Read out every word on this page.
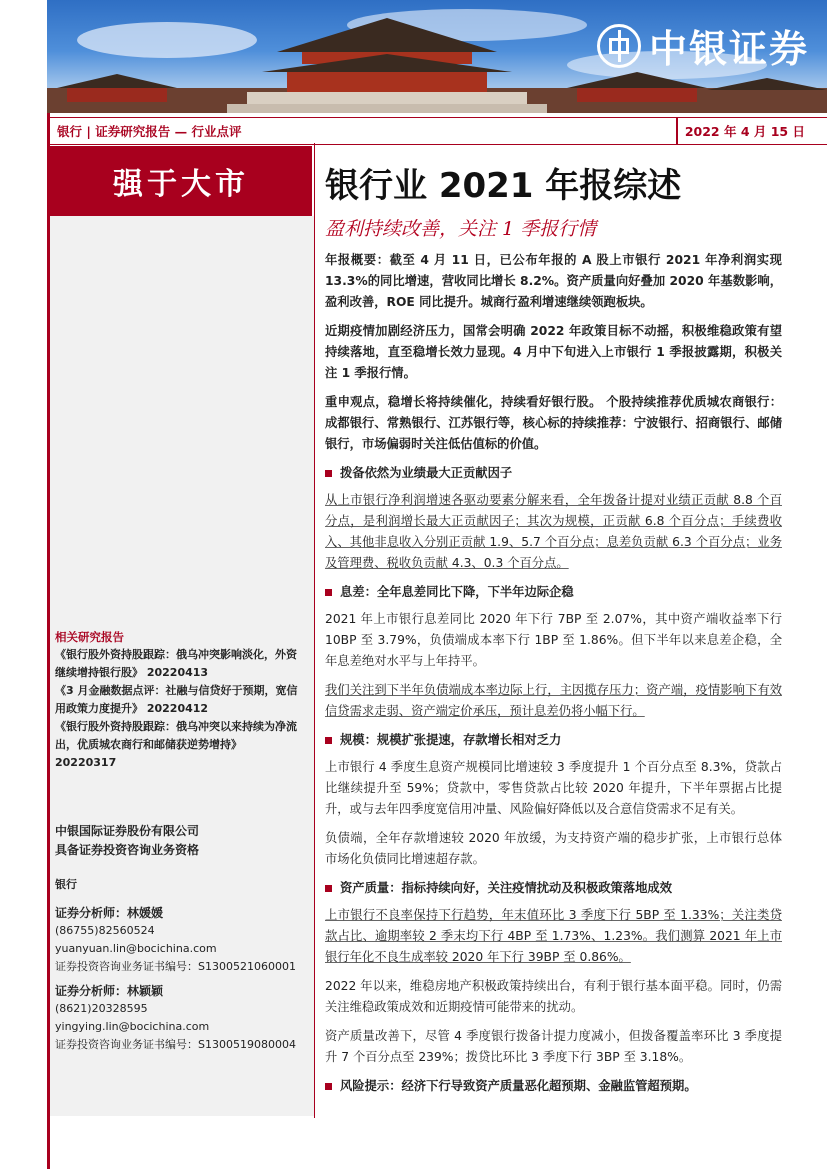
中银证券
银行 | 证券研究报告 — 行业点评	2022 年 4 月 15 日
强于大市 银行业 2021 年报综述
盈利持续改善，关注 1 季报行情

年报概要：截至 4 月 11 日，已公布年报的 A 股上市银行 2021 年净利润实现 13.3%的同比增速，营收同比增长 8.2%。资产质量向好叠加 2020 年基数影响，盈利改善，ROE 同比提升。城商行盈利增速继续领跑板块。

近期疫情加剧经济压力，国常会明确 2022 年政策目标不动摇，积极维稳政策有望持续落地，直至稳增长效力显现。4 月中下旬进入上市银行 1 季报披露期，积极关注 1 季报行情。

重申观点，稳增长将持续催化，持续看好银行股。 个股持续推荐优质城农商银行：成都银行、常熟银行、江苏银行等，核心标的持续推荐：宁波银行、招商银行、邮储银行，市场偏弱时关注低估值标的价值。

拨备依然为业绩最大正贡献因子

从上市银行净利润增速各驱动要素分解来看，全年拨备计提对业绩正贡献 8.8 个百分点，是利润增长最大正贡献因子；其次为规模，正贡献 6.8 个百分点；手续费收入、其他非息收入分别正贡献 1.9、5.7 个百分点；息差负贡献 6.3 个百分点；业务及管理费、税收负贡献 4.3、0.3 个百分点。

息差：全年息差同比下降，下半年边际企稳

2021 年上市银行息差同比 2020 年下行 7BP 至 2.07%，其中资产端收益率下行 10BP 至 3.79%，负债端成本率下行 1BP 至 1.86%。但下半年以来息差企稳，全年息差绝对水平与上年持平。

我们关注到下半年负债端成本率边际上行，主因揽存压力；资产端，疫情影响下有效信贷需求走弱、资产端定价承压，预计息差仍将小幅下行。

规模：规模扩张提速，存款增长相对乏力

上市银行 4 季度生息资产规模同比增速较 3 季度提升 1 个百分点至 8.3%，贷款占比继续提升至 59%；贷款中，零售贷款占比较 2020 年提升，下半年票据占比提升，或与去年四季度宽信用冲量、风险偏好降低以及合意信贷需求不足有关。

负债端，全年存款增速较 2020 年放缓，为支持资产端的稳步扩张，上市银行总体市场化负债同比增速超存款。

资产质量：指标持续向好，关注疫情扰动及积极政策落地成效

上市银行不良率保持下行趋势，年末值环比 3 季度下行 5BP 至 1.33%；关注类贷款占比、逾期率较 2 季末均下行 4BP 至 1.73%、1.23%。我们测算 2021 年上市银行年化不良生成率较 2020 年下行 39BP 至 0.86%。

2022 年以来，维稳房地产积极政策持续出台，有利于银行基本面平稳。同时，仍需关注维稳政策成效和近期疫情可能带来的扰动。

资产质量改善下，尽管 4 季度银行拨备计提力度减小，但拨备覆盖率环比 3 季度提升 7 个百分点至 239%；拨贷比环比 3 季度下行 3BP 至 3.18%。

风险提示：经济下行导致资产质量恶化超预期、金融监管超预期。
相关研究报告
《银行股外资持股跟踪：俄乌冲突影响淡化，外资继续增持银行股》 20220413
《3 月金融数据点评：社融与信贷好于预期，宽信用政策力度提升》 20220412
《银行股外资持股跟踪：俄乌冲突以来持续为净流出，优质城农商行和邮储获逆势增持》 20220317
中银国际证券股份有限公司
具备证券投资咨询业务资格
银行
证券分析师：林媛媛
(86755)82560524
yuanyuan.lin@bocichina.com
证券投资咨询业务证书编号：S1300521060001
证券分析师：林颖颖
(8621)20328595
yingying.lin@bocichina.com
证券投资咨询业务证书编号：S1300519080004
